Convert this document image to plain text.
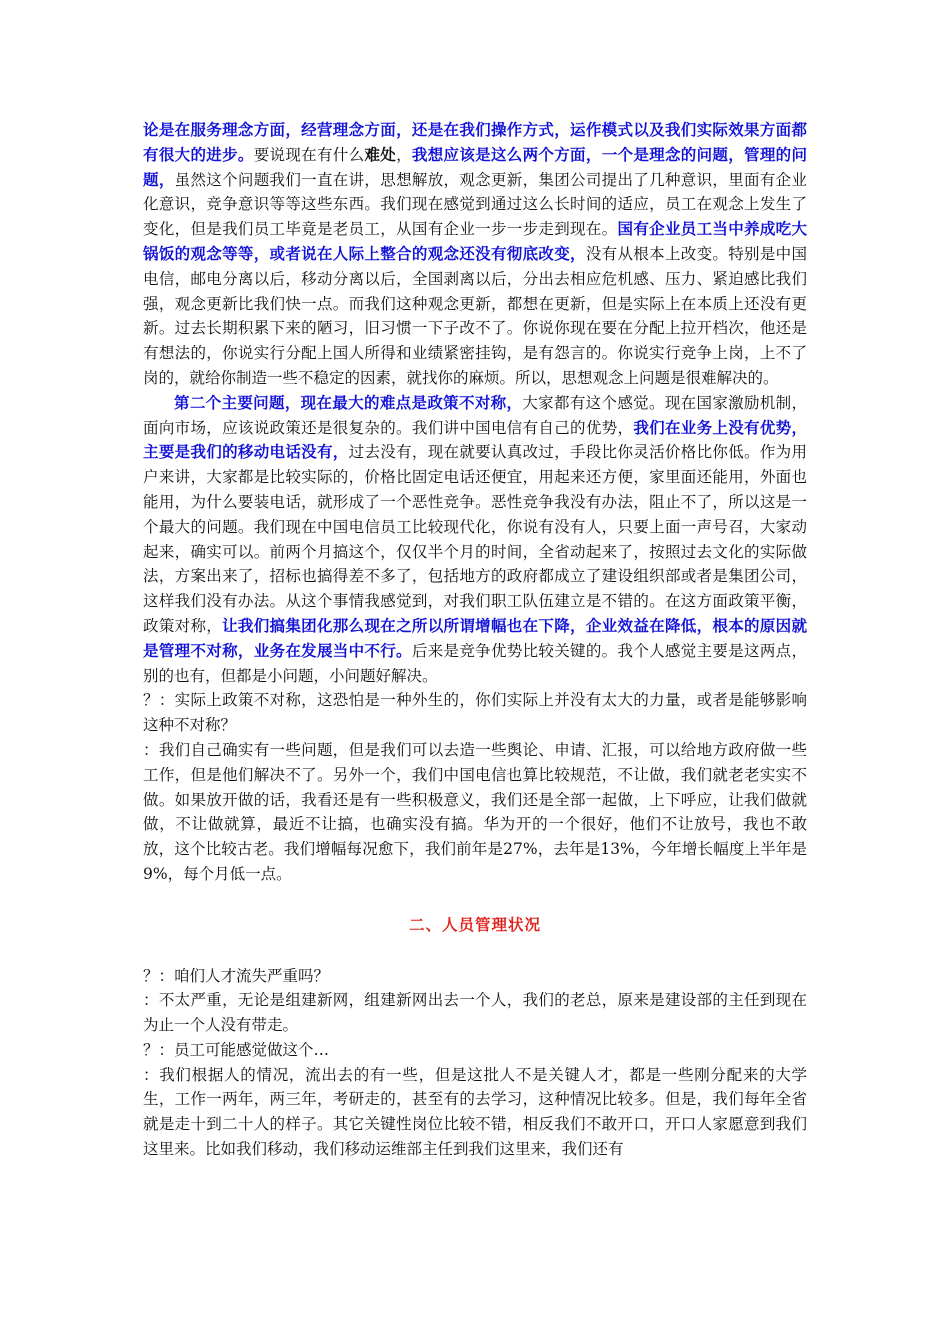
论是在服务理念方面，经营理念方面，还是在我们操作方式，运作模式以及我们实际效果方面都有很大的进步。要说现在有什么难处，我想应该是这么两个方面，一个是理念的问题，管理的问题，虽然这个问题我们一直在讲，思想解放，观念更新，集团公司提出了几种意识，里面有企业化意识，竞争意识等等这些东西。我们现在感觉到通过这么长时间的适应，员工在观念上发生了变化，但是我们员工毕竟是老员工，从国有企业一步一步走到现在。国有企业员工当中养成吃大锅饭的观念等等，或者说在人际上整合的观念还没有彻底改变，没有从根本上改变。特别是中国电信，邮电分离以后，移动分离以后，全国剥离以后，分出去相应危机感、压力、紧迫感比我们强，观念更新比我们快一点。而我们这种观念更新，都想在更新，但是实际上在本质上还没有更新。过去长期积累下来的陋习，旧习惯一下子改不了。你说你现在要在分配上拉开档次，他还是有想法的，你说实行分配上国人所得和业绩紧密挂钩，是有怨言的。你说实行竞争上岗，上不了岗的，就给你制造一些不稳定的因素，就找你的麻烦。所以，思想观念上问题是很难解决的。

第二个主要问题，现在最大的难点是政策不对称，大家都有这个感觉。现在国家激励机制，面向市场，应该说政策还是很复杂的。我们讲中国电信有自己的优势，我们在业务上没有优势，主要是我们的移动电话没有，过去没有，现在就要认真改过，手段比你灵活价格比你低。作为用户来讲，大家都是比较实际的，价格比固定电话还便宜，用起来还方便，家里面还能用，外面也能用，为什么要装电话，就形成了一个恶性竞争。恶性竞争我没有办法，阻止不了，所以这是一个最大的问题。我们现在中国电信员工比较现代化，你说有没有人，只要上面一声号召，大家动起来，确实可以。前两个月搞这个，仅仅半个月的时间，全省动起来了，按照过去文化的实际做法，方案出来了，招标也搞得差不多了，包括地方的政府都成立了建设组织部或者是集团公司，这样我们没有办法。从这个事情我感觉到，对我们职工队伍建立是不错的。在这方面政策平衡，政策对称，让我们搞集团化那么现在之所以所谓增幅也在下降，企业效益在降低，根本的原因就是管理不对称，业务在发展当中不行。后来是竞争优势比较关键的。我个人感觉主要是这两点，别的也有，但都是小问题，小问题好解决。

？：实际上政策不对称，这恐怕是一种外生的，你们实际上并没有太大的力量，或者是能够影响这种不对称？

：我们自己确实有一些问题，但是我们可以去造一些舆论、申请、汇报，可以给地方政府做一些工作，但是他们解决不了。另外一个，我们中国电信也算比较规范，不让做，我们就老老实实不做。如果放开做的话，我看还是有一些积极意义，我们还是全部一起做，上下呼应，让我们做就做，不让做就算，最近不让搞，也确实没有搞。华为开的一个很好，他们不让放号，我也不敢放，这个比较古老。我们增幅每况愈下，我们前年是27%，去年是13%，今年增长幅度上半年是9%，每个月低一点。

二、人员管理状况

？：咱们人才流失严重吗？

：不太严重，无论是组建新网，组建新网出去一个人，我们的老总，原来是建设部的主任到现在为止一个人没有带走。

？：员工可能感觉做这个…

：我们根据人的情况，流出去的有一些，但是这批人不是关键人才，都是一些刚分配来的大学生，工作一两年，两三年，考研走的，甚至有的去学习，这种情况比较多。但是，我们每年全省就是走十到二十人的样子。其它关键性岗位比较不错，相反我们不敢开口，开口人家愿意到我们这里来。比如我们移动，我们移动运维部主任到我们这里来，我们还有
